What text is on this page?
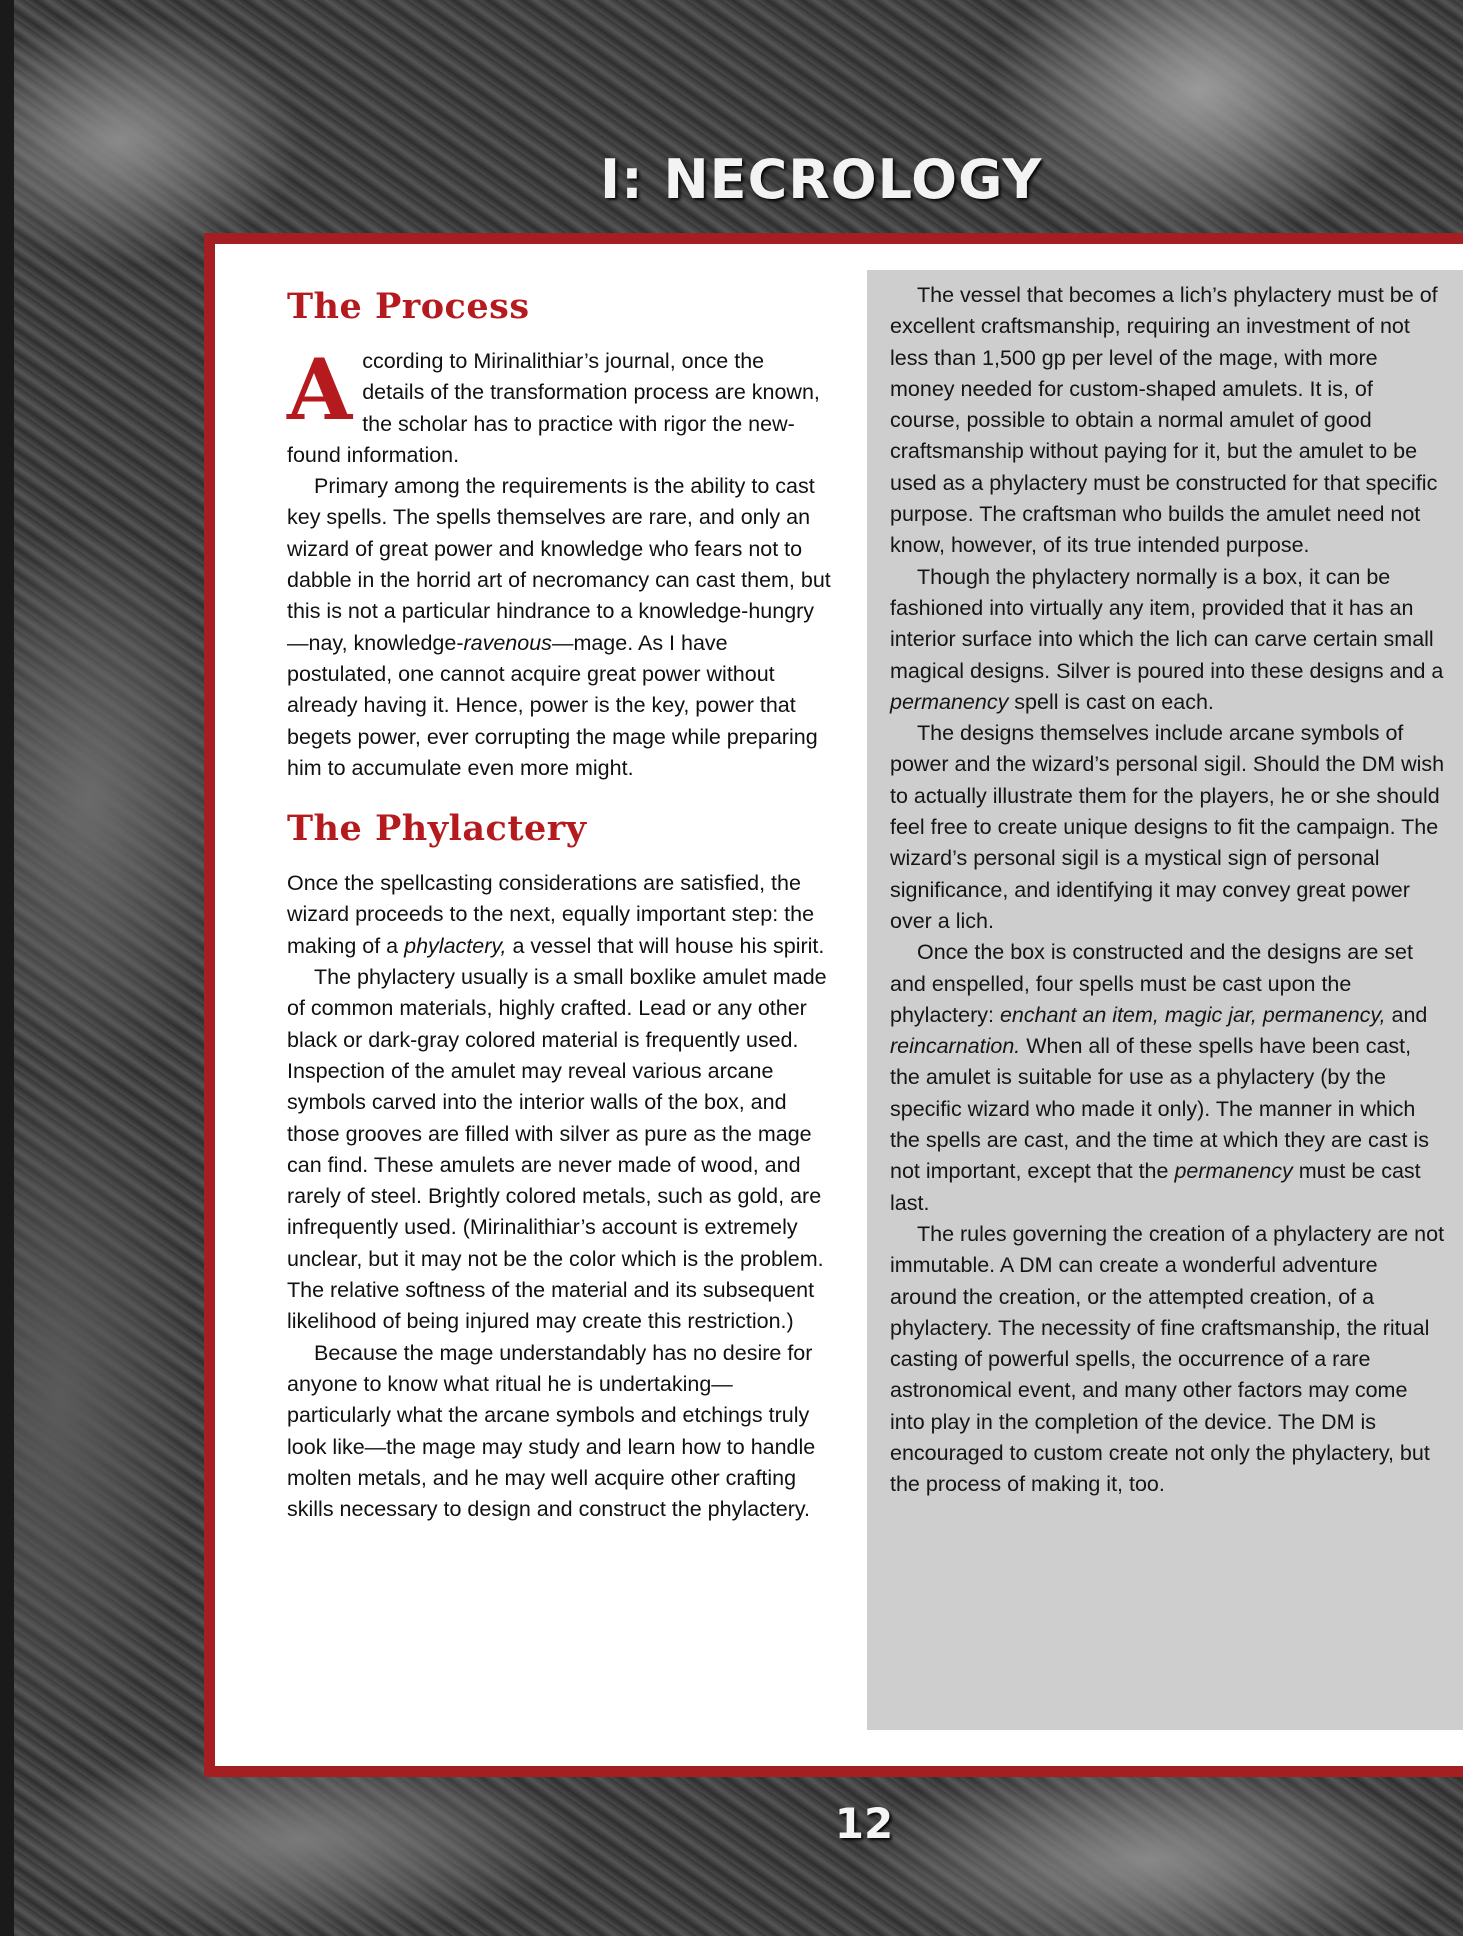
I: NECROLOGY
The Process

According to Mirinalithiar’s journal, once the details of the transformation process are known, the scholar has to practice with rigor the new-found information.

Primary among the requirements is the ability to cast key spells. The spells themselves are rare, and only an wizard of great power and knowledge who fears not to dabble in the horrid art of necromancy can cast them, but this is not a particular hindrance to a knowledge-hungry—nay, knowledge-ravenous—mage. As I have postulated, one cannot acquire great power without already having it. Hence, power is the key, power that begets power, ever corrupting the mage while preparing him to accumulate even more might.

The Phylactery

Once the spellcasting considerations are satisfied, the wizard proceeds to the next, equally important step: the making of a phylactery, a vessel that will house his spirit.

The phylactery usually is a small boxlike amulet made of common materials, highly crafted. Lead or any other black or dark-gray colored material is frequently used. Inspection of the amulet may reveal various arcane symbols carved into the interior walls of the box, and those grooves are filled with silver as pure as the mage can find. These amulets are never made of wood, and rarely of steel. Brightly colored metals, such as gold, are infrequently used. (Mirinalithiar’s account is extremely unclear, but it may not be the color which is the problem. The relative softness of the material and its subsequent likelihood of being injured may create this restriction.)

Because the mage understandably has no desire for anyone to know what ritual he is undertaking—particularly what the arcane symbols and etchings truly look like—the mage may study and learn how to handle molten metals, and he may well acquire other crafting skills necessary to design and construct the phylactery.

The vessel that becomes a lich’s phylactery must be of excellent craftsmanship, requiring an investment of not less than 1,500 gp per level of the mage, with more money needed for custom-shaped amulets. It is, of course, possible to obtain a normal amulet of good craftsmanship without paying for it, but the amulet to be used as a phylactery must be constructed for that specific purpose. The craftsman who builds the amulet need not know, however, of its true intended purpose.

Though the phylactery normally is a box, it can be fashioned into virtually any item, provided that it has an interior surface into which the lich can carve certain small magical designs. Silver is poured into these designs and a permanency spell is cast on each.

The designs themselves include arcane symbols of power and the wizard’s personal sigil. Should the DM wish to actually illustrate them for the players, he or she should feel free to create unique designs to fit the campaign. The wizard’s personal sigil is a mystical sign of personal significance, and identifying it may convey great power over a lich.

Once the box is constructed and the designs are set and enspelled, four spells must be cast upon the phylactery: enchant an item, magic jar, permanency, and reincarnation. When all of these spells have been cast, the amulet is suitable for use as a phylactery (by the specific wizard who made it only). The manner in which the spells are cast, and the time at which they are cast is not important, except that the permanency must be cast last.

The rules governing the creation of a phylactery are not immutable. A DM can create a wonderful adventure around the creation, or the attempted creation, of a phylactery. The necessity of fine craftsmanship, the ritual casting of powerful spells, the occurrence of a rare astronomical event, and many other factors may come into play in the completion of the device. The DM is encouraged to custom create not only the phylactery, but the process of making it, too.

12
